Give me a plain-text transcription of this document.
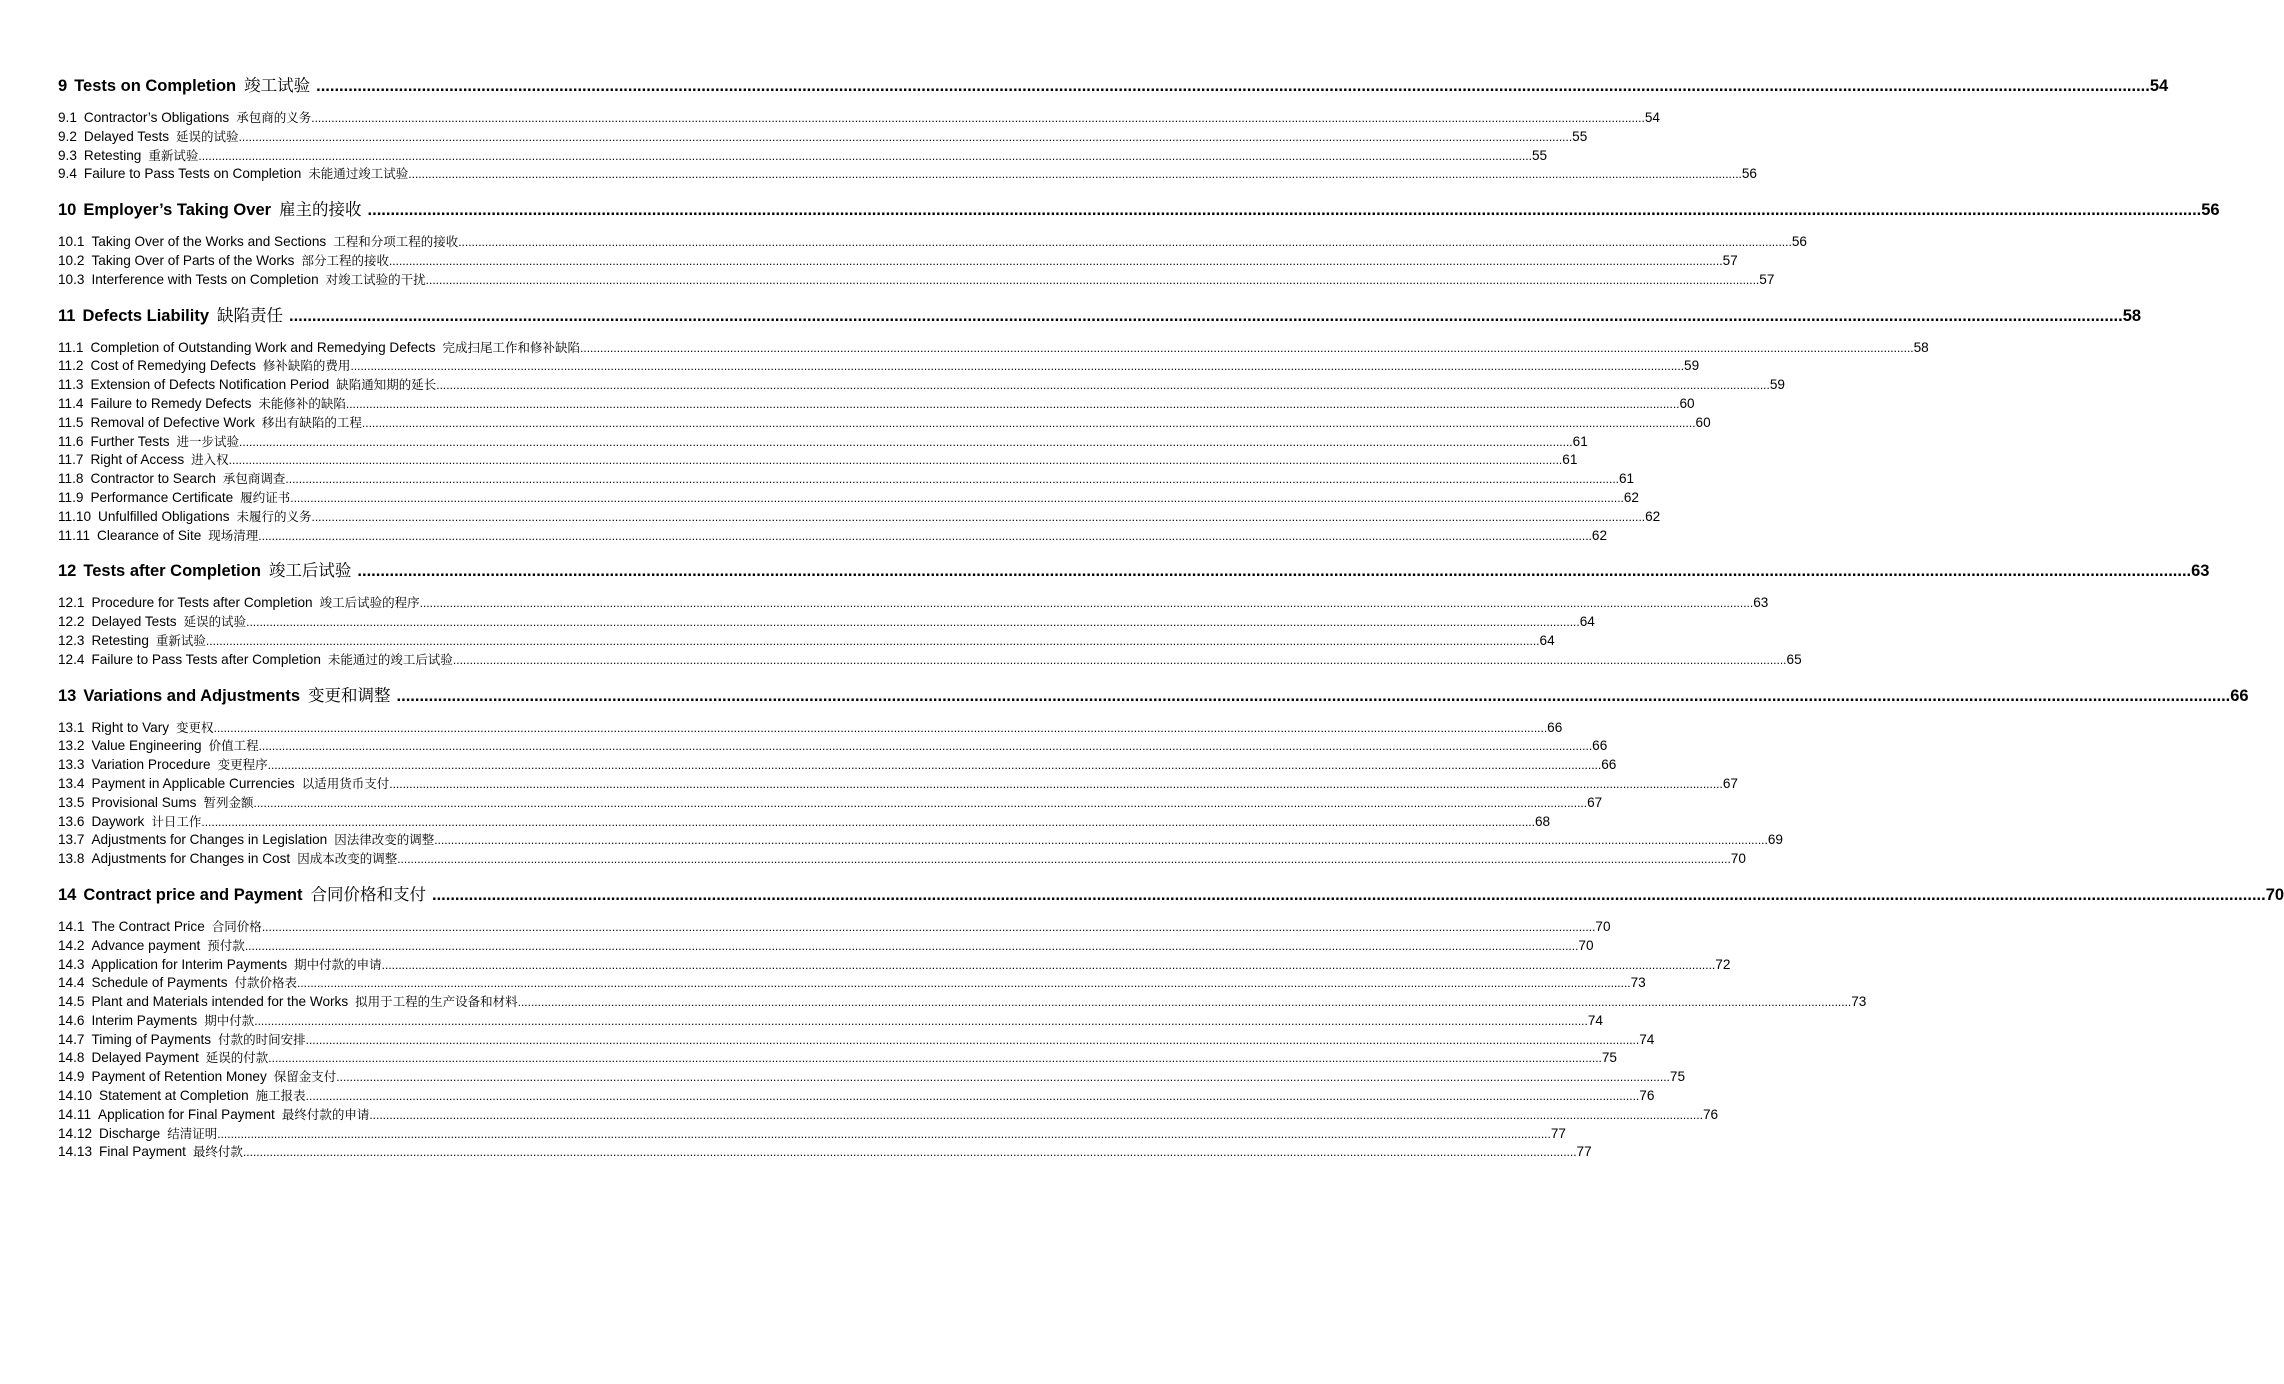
9 Tests on Completion 竣工试验 ................................................................................................................................................................................................................................................................................................................................................................................................................ 54
9.1 Contractor’s Obligations 承包商的义务 ................................................................................................................................................................................................................................................................................................................................................................................................................ 54
9.2 Delayed Tests 延误的试验 ................................................................................................................................................................................................................................................................................................................................................................................................................ 55
9.3 Retesting 重新试验 ................................................................................................................................................................................................................................................................................................................................................................................................................ 55
9.4 Failure to Pass Tests on Completion 未能通过竣工试验 ................................................................................................................................................................................................................................................................................................................................................................................................................ 56
10 Employer’s Taking Over 雇主的接收 ................................................................................................................................................................................................................................................................................................................................................................................................................ 56
10.1 Taking Over of the Works and Sections 工程和分项工程的接收 ................................................................................................................................................................................................................................................................................................................................................................................................................ 56
10.2 Taking Over of Parts of the Works 部分工程的接收 ................................................................................................................................................................................................................................................................................................................................................................................................................ 57
10.3 Interference with Tests on Completion 对竣工试验的干扰 ................................................................................................................................................................................................................................................................................................................................................................................................................ 57
11 Defects Liability 缺陷责任 ................................................................................................................................................................................................................................................................................................................................................................................................................ 58
11.1 Completion of Outstanding Work and Remedying Defects 完成扫尾工作和修补缺陷 ................................................................................................................................................................................................................................................................................................................................................................................................................ 58
11.2 Cost of Remedying Defects 修补缺陷的费用 ................................................................................................................................................................................................................................................................................................................................................................................................................ 59
11.3 Extension of Defects Notification Period 缺陷通知期的延长 ................................................................................................................................................................................................................................................................................................................................................................................................................ 59
11.4 Failure to Remedy Defects 未能修补的缺陷 ................................................................................................................................................................................................................................................................................................................................................................................................................ 60
11.5 Removal of Defective Work 移出有缺陷的工程 ................................................................................................................................................................................................................................................................................................................................................................................................................ 60
11.6 Further Tests 进一步试验 ................................................................................................................................................................................................................................................................................................................................................................................................................ 61
11.7 Right of Access 进入权 ................................................................................................................................................................................................................................................................................................................................................................................................................ 61
11.8 Contractor to Search 承包商调查 ................................................................................................................................................................................................................................................................................................................................................................................................................ 61
11.9 Performance Certificate 履约证书 ................................................................................................................................................................................................................................................................................................................................................................................................................ 62
11.10 Unfulfilled Obligations 未履行的义务 ................................................................................................................................................................................................................................................................................................................................................................................................................ 62
11.11 Clearance of Site 现场清理 ................................................................................................................................................................................................................................................................................................................................................................................................................ 62
12 Tests after Completion 竣工后试验 ................................................................................................................................................................................................................................................................................................................................................................................................................ 63
12.1 Procedure for Tests after Completion 竣工后试验的程序 ................................................................................................................................................................................................................................................................................................................................................................................................................ 63
12.2 Delayed Tests 延误的试验 ................................................................................................................................................................................................................................................................................................................................................................................................................ 64
12.3 Retesting 重新试验 ................................................................................................................................................................................................................................................................................................................................................................................................................ 64
12.4 Failure to Pass Tests after Completion 未能通过的竣工后试验 ................................................................................................................................................................................................................................................................................................................................................................................................................ 65
13 Variations and Adjustments 变更和调整 ................................................................................................................................................................................................................................................................................................................................................................................................................ 66
13.1 Right to Vary 变更权 ................................................................................................................................................................................................................................................................................................................................................................................................................ 66
13.2 Value Engineering 价值工程 ................................................................................................................................................................................................................................................................................................................................................................................................................ 66
13.3 Variation Procedure 变更程序 ................................................................................................................................................................................................................................................................................................................................................................................................................ 66
13.4 Payment in Applicable Currencies 以适用货币支付 ................................................................................................................................................................................................................................................................................................................................................................................................................ 67
13.5 Provisional Sums 暂列金额 ................................................................................................................................................................................................................................................................................................................................................................................................................ 67
13.6 Daywork 计日工作 ................................................................................................................................................................................................................................................................................................................................................................................................................ 68
13.7 Adjustments for Changes in Legislation 因法律改变的调整 ................................................................................................................................................................................................................................................................................................................................................................................................................ 69
13.8 Adjustments for Changes in Cost 因成本改变的调整 ................................................................................................................................................................................................................................................................................................................................................................................................................ 70
14 Contract price and Payment 合同价格和支付 ................................................................................................................................................................................................................................................................................................................................................................................................................ 70
14.1 The Contract Price 合同价格 ................................................................................................................................................................................................................................................................................................................................................................................................................ 70
14.2 Advance payment 预付款 ................................................................................................................................................................................................................................................................................................................................................................................................................ 70
14.3 Application for Interim Payments 期中付款的申请 ................................................................................................................................................................................................................................................................................................................................................................................................................ 72
14.4 Schedule of Payments 付款价格表 ................................................................................................................................................................................................................................................................................................................................................................................................................ 73
14.5 Plant and Materials intended for the Works 拟用于工程的生产设备和材料 ................................................................................................................................................................................................................................................................................................................................................................................................................ 73
14.6 Interim Payments 期中付款 ................................................................................................................................................................................................................................................................................................................................................................................................................ 74
14.7 Timing of Payments 付款的时间安排 ................................................................................................................................................................................................................................................................................................................................................................................................................ 74
14.8 Delayed Payment 延误的付款 ................................................................................................................................................................................................................................................................................................................................................................................................................ 75
14.9 Payment of Retention Money 保留金支付 ................................................................................................................................................................................................................................................................................................................................................................................................................ 75
14.10 Statement at Completion 施工报表 ................................................................................................................................................................................................................................................................................................................................................................................................................ 76
14.11 Application for Final Payment 最终付款的申请 ................................................................................................................................................................................................................................................................................................................................................................................................................ 76
14.12 Discharge 结清证明 ................................................................................................................................................................................................................................................................................................................................................................................................................ 77
14.13 Final Payment 最终付款 ................................................................................................................................................................................................................................................................................................................................................................................................................ 77
